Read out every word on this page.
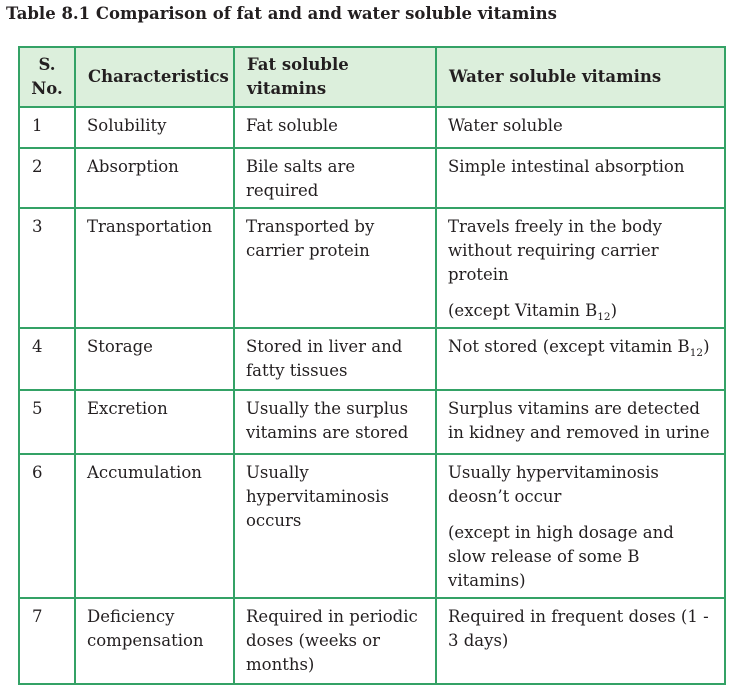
Table 8.1 Comparison of fat and and water soluble vitamins
S.
No.	Characteristics	Fat soluble vitamins	Water soluble vitamins
1	Solubility	Fat soluble	Water soluble
2	Absorption	Bile salts are required	Simple intestinal absorption
3	Transportation	Transported by carrier protein	Travels freely in the body without requiring carrier protein
(except Vitamin $B_{12}$)

4	Storage	Stored in liver and fatty tissues	Not stored (except vitamin $B_{12}$)
5	Excretion	Usually the surplus vitamins are stored	Surplus vitamins are detected in kidney and removed in urine
6	Accumulation	Usually hypervitaminosis occurs	Usually hypervitaminosis deosn’t occur
(except in high dosage and slow release of some B vitamins)

7	Deficiency compensation	Required in periodic doses (weeks or months)	Required in frequent doses (1 - 3 days)
